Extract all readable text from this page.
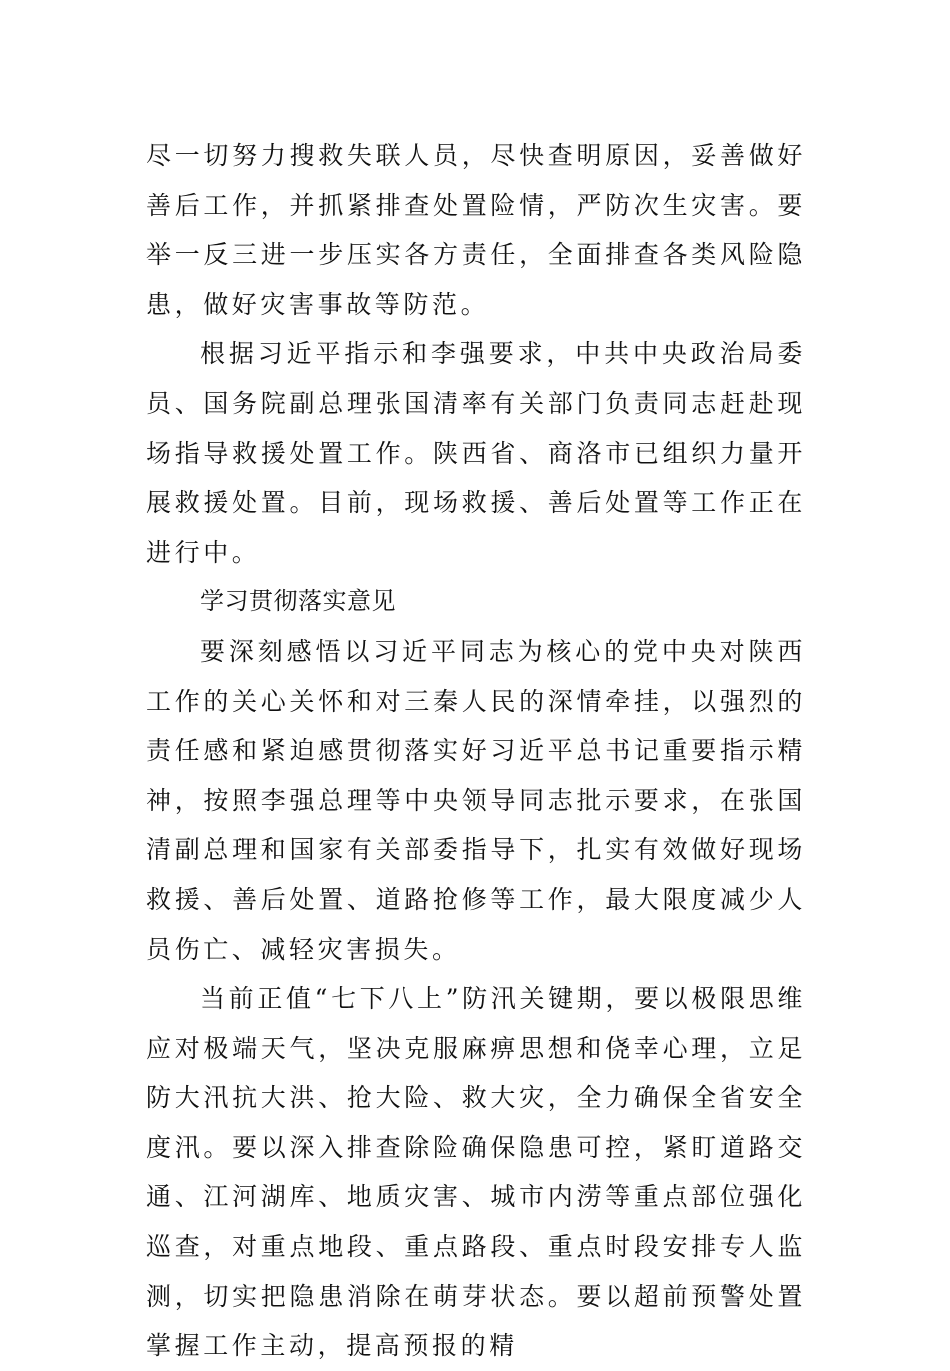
尽一切努力搜救失联人员，尽快查明原因，妥善做好善后工作，并抓紧排查处置险情，严防次生灾害。要举一反三进一步压实各方责任，全面排查各类风险隐患，做好灾害事故等防范。

根据习近平指示和李强要求，中共中央政治局委员、国务院副总理张国清率有关部门负责同志赶赴现场指导救援处置工作。陕西省、商洛市已组织力量开展救援处置。目前，现场救援、善后处置等工作正在进行中。

学习贯彻落实意见

要深刻感悟以习近平同志为核心的党中央对陕西工作的关心关怀和对三秦人民的深情牵挂，以强烈的责任感和紧迫感贯彻落实好习近平总书记重要指示精神，按照李强总理等中央领导同志批示要求，在张国清副总理和国家有关部委指导下，扎实有效做好现场救援、善后处置、道路抢修等工作，最大限度减少人员伤亡、减轻灾害损失。

当前正值“七下八上”防汛关键期，要以极限思维应对极端天气，坚决克服麻痹思想和侥幸心理，立足防大汛抗大洪、抢大险、救大灾，全力确保全省安全度汛。要以深入排查除险确保隐患可控，紧盯道路交通、江河湖库、地质灾害、城市内涝等重点部位强化巡查，对重点地段、重点路段、重点时段安排专人监测，切实把隐患消除在萌芽状态。要以超前预警处置掌握工作主动，提高预报的精
